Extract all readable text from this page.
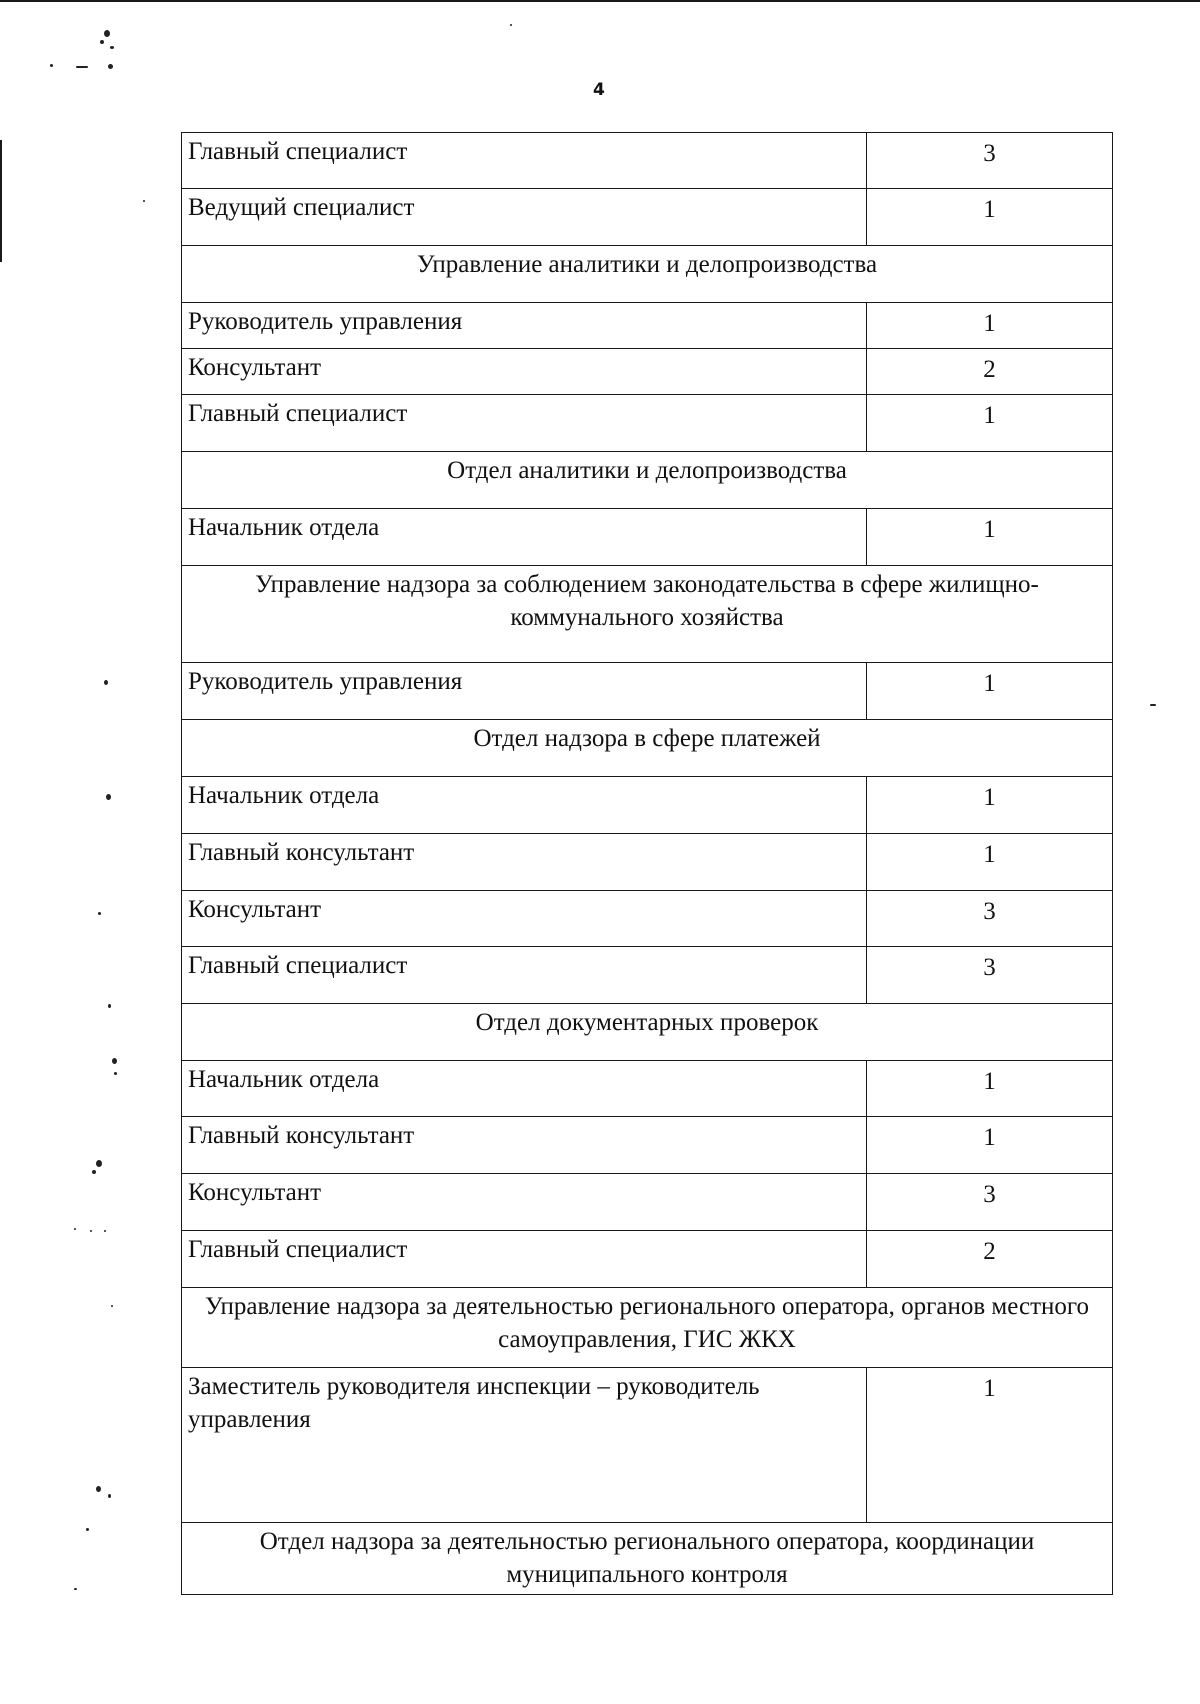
4
Главный специалист	3
Ведущий специалист	1
Управление аналитики и делопроизводства	
Руководитель управления	1
Консультант	2
Главный специалист	1
Отдел аналитики и делопроизводства	
Начальник отдела	1
Управление надзора за соблюдением законодательства в сфере жилищно-коммунального хозяйства	
Руководитель управления	1
Отдел надзора в сфере платежей	
Начальник отдела	1
Главный консультант	1
Консультант	3
Главный специалист	3
Отдел документарных проверок	
Начальник отдела	1
Главный консультант	1
Консультант	3
Главный специалист	2
Управление надзора за деятельностью регионального оператора, органов местного самоуправления, ГИС ЖКХ	
Заместитель руководителя инспекции – руководитель управления	1
Отдел надзора за деятельностью регионального оператора, координации муниципального контроля	
